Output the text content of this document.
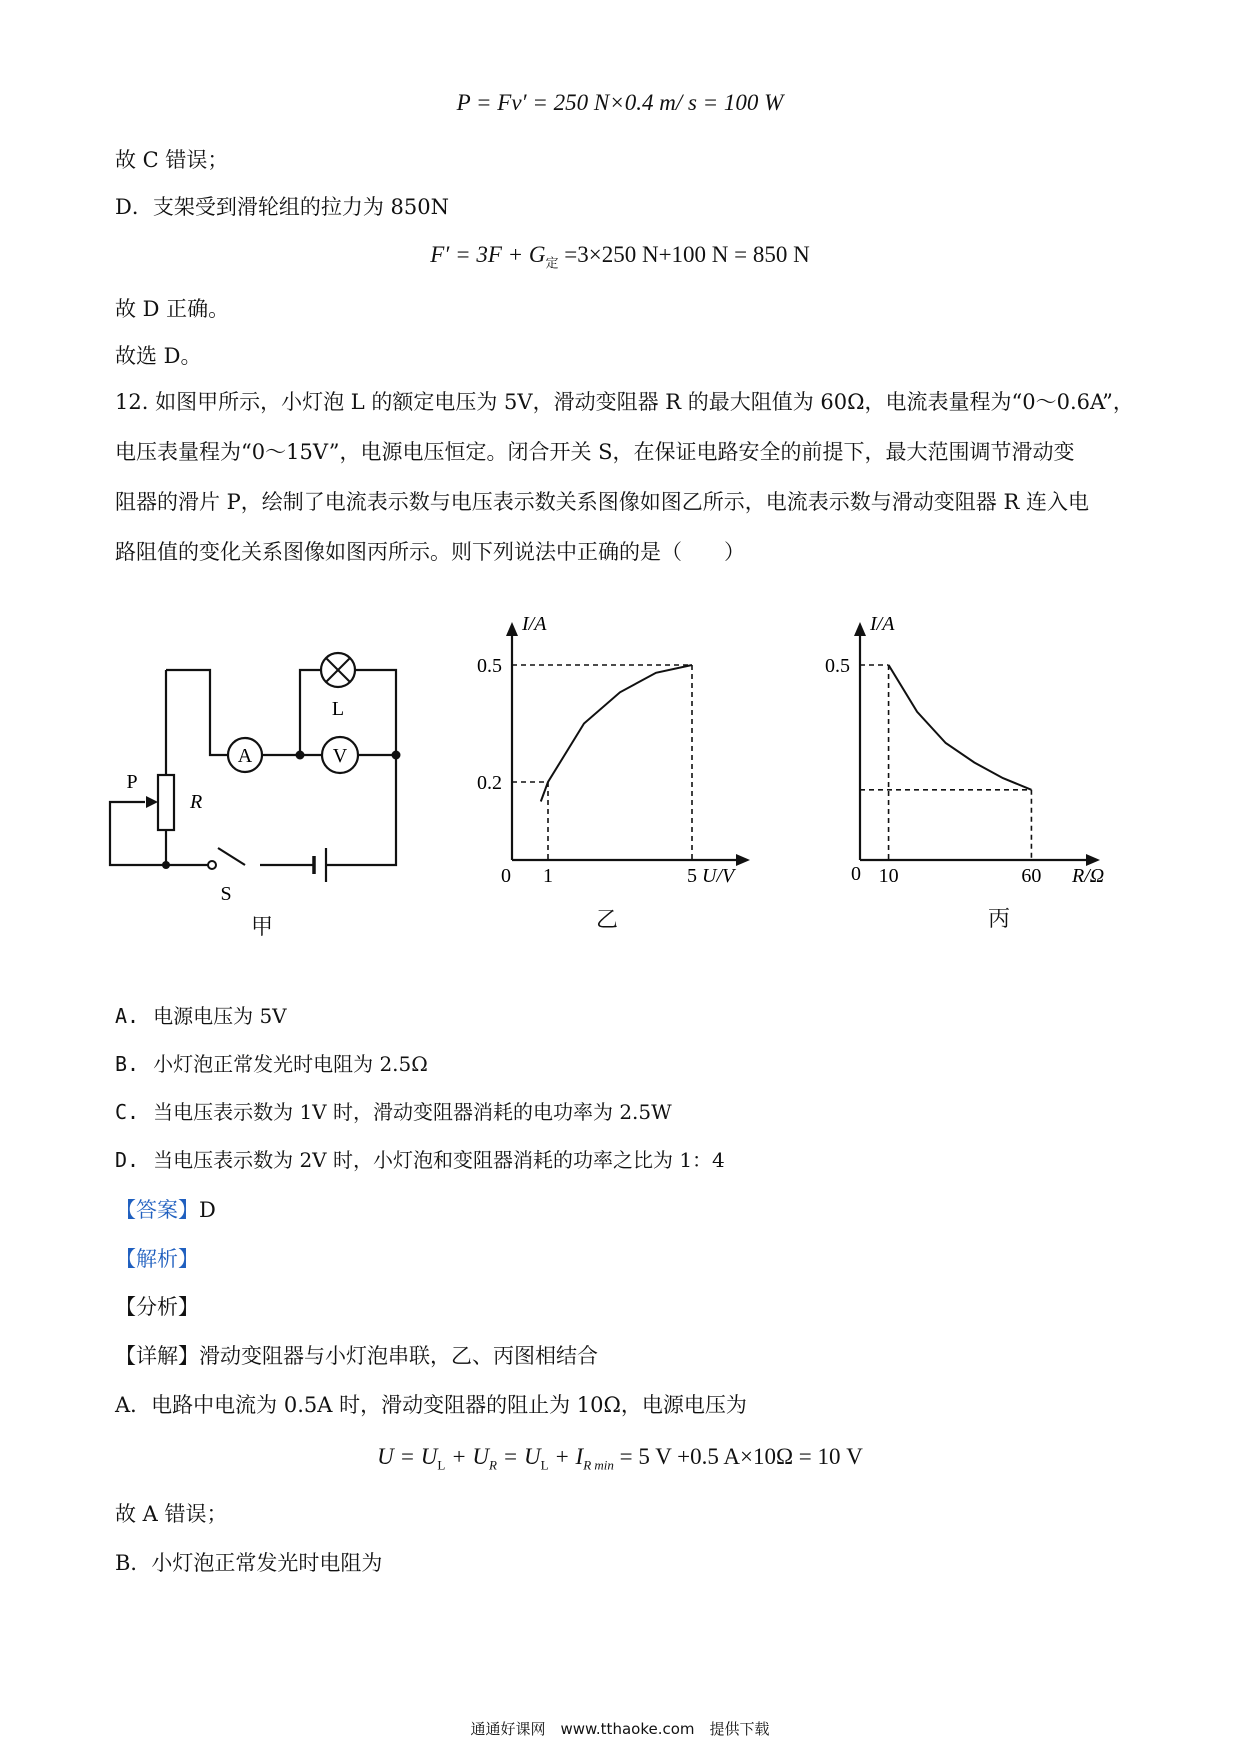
P = Fv′ = 250 N×0.4 m/ s = 100 W
故 C 错误；
D．支架受到滑轮组的拉力为 850N
$F' = 3F + G_定 =3\times 250$ N+100 N = 850 N
故 D 正确。
故选 D。
12. 如图甲所示，小灯泡 L 的额定电压为 5V，滑动变阻器 R 的最大阻值为 60Ω，电流表量程为“0～0.6A”，
电压表量程为“0～15V”，电源电压恒定。闭合开关 S，在保证电路安全的前提下，最大范围调节滑动变
阻器的滑片 P，绘制了电流表示数与电压表示数关系图像如图乙所示，电流表示数与滑动变阻器 R 连入电
路阻值的变化关系图像如图丙所示。则下列说法中正确的是（　　）
A	V
L
P
R
S
甲
I/A
U/V
0
0.5
0.2
1	5
乙
I/A
R/Ω
0
0.5
10	60
丙
A. 电源电压为 5V
B. 小灯泡正常发光时电阻为 2.5Ω
C. 当电压表示数为 1V 时，滑动变阻器消耗的电功率为 2.5W
D. 当电压表示数为 2V 时，小灯泡和变阻器消耗的功率之比为 1：4
【答案】D
【解析】
【分析】
【详解】滑动变阻器与小灯泡串联，乙、丙图相结合
A．电路中电流为 0.5A 时，滑动变阻器的阻止为 10Ω，电源电压为
$U = U_L + U_R = U_L + I_{R min} = 5$ V +0.5 A×10Ω = 10 V
故 A 错误；
B．小灯泡正常发光时电阻为
通通好课网　www.tthaoke.com　提供下载
